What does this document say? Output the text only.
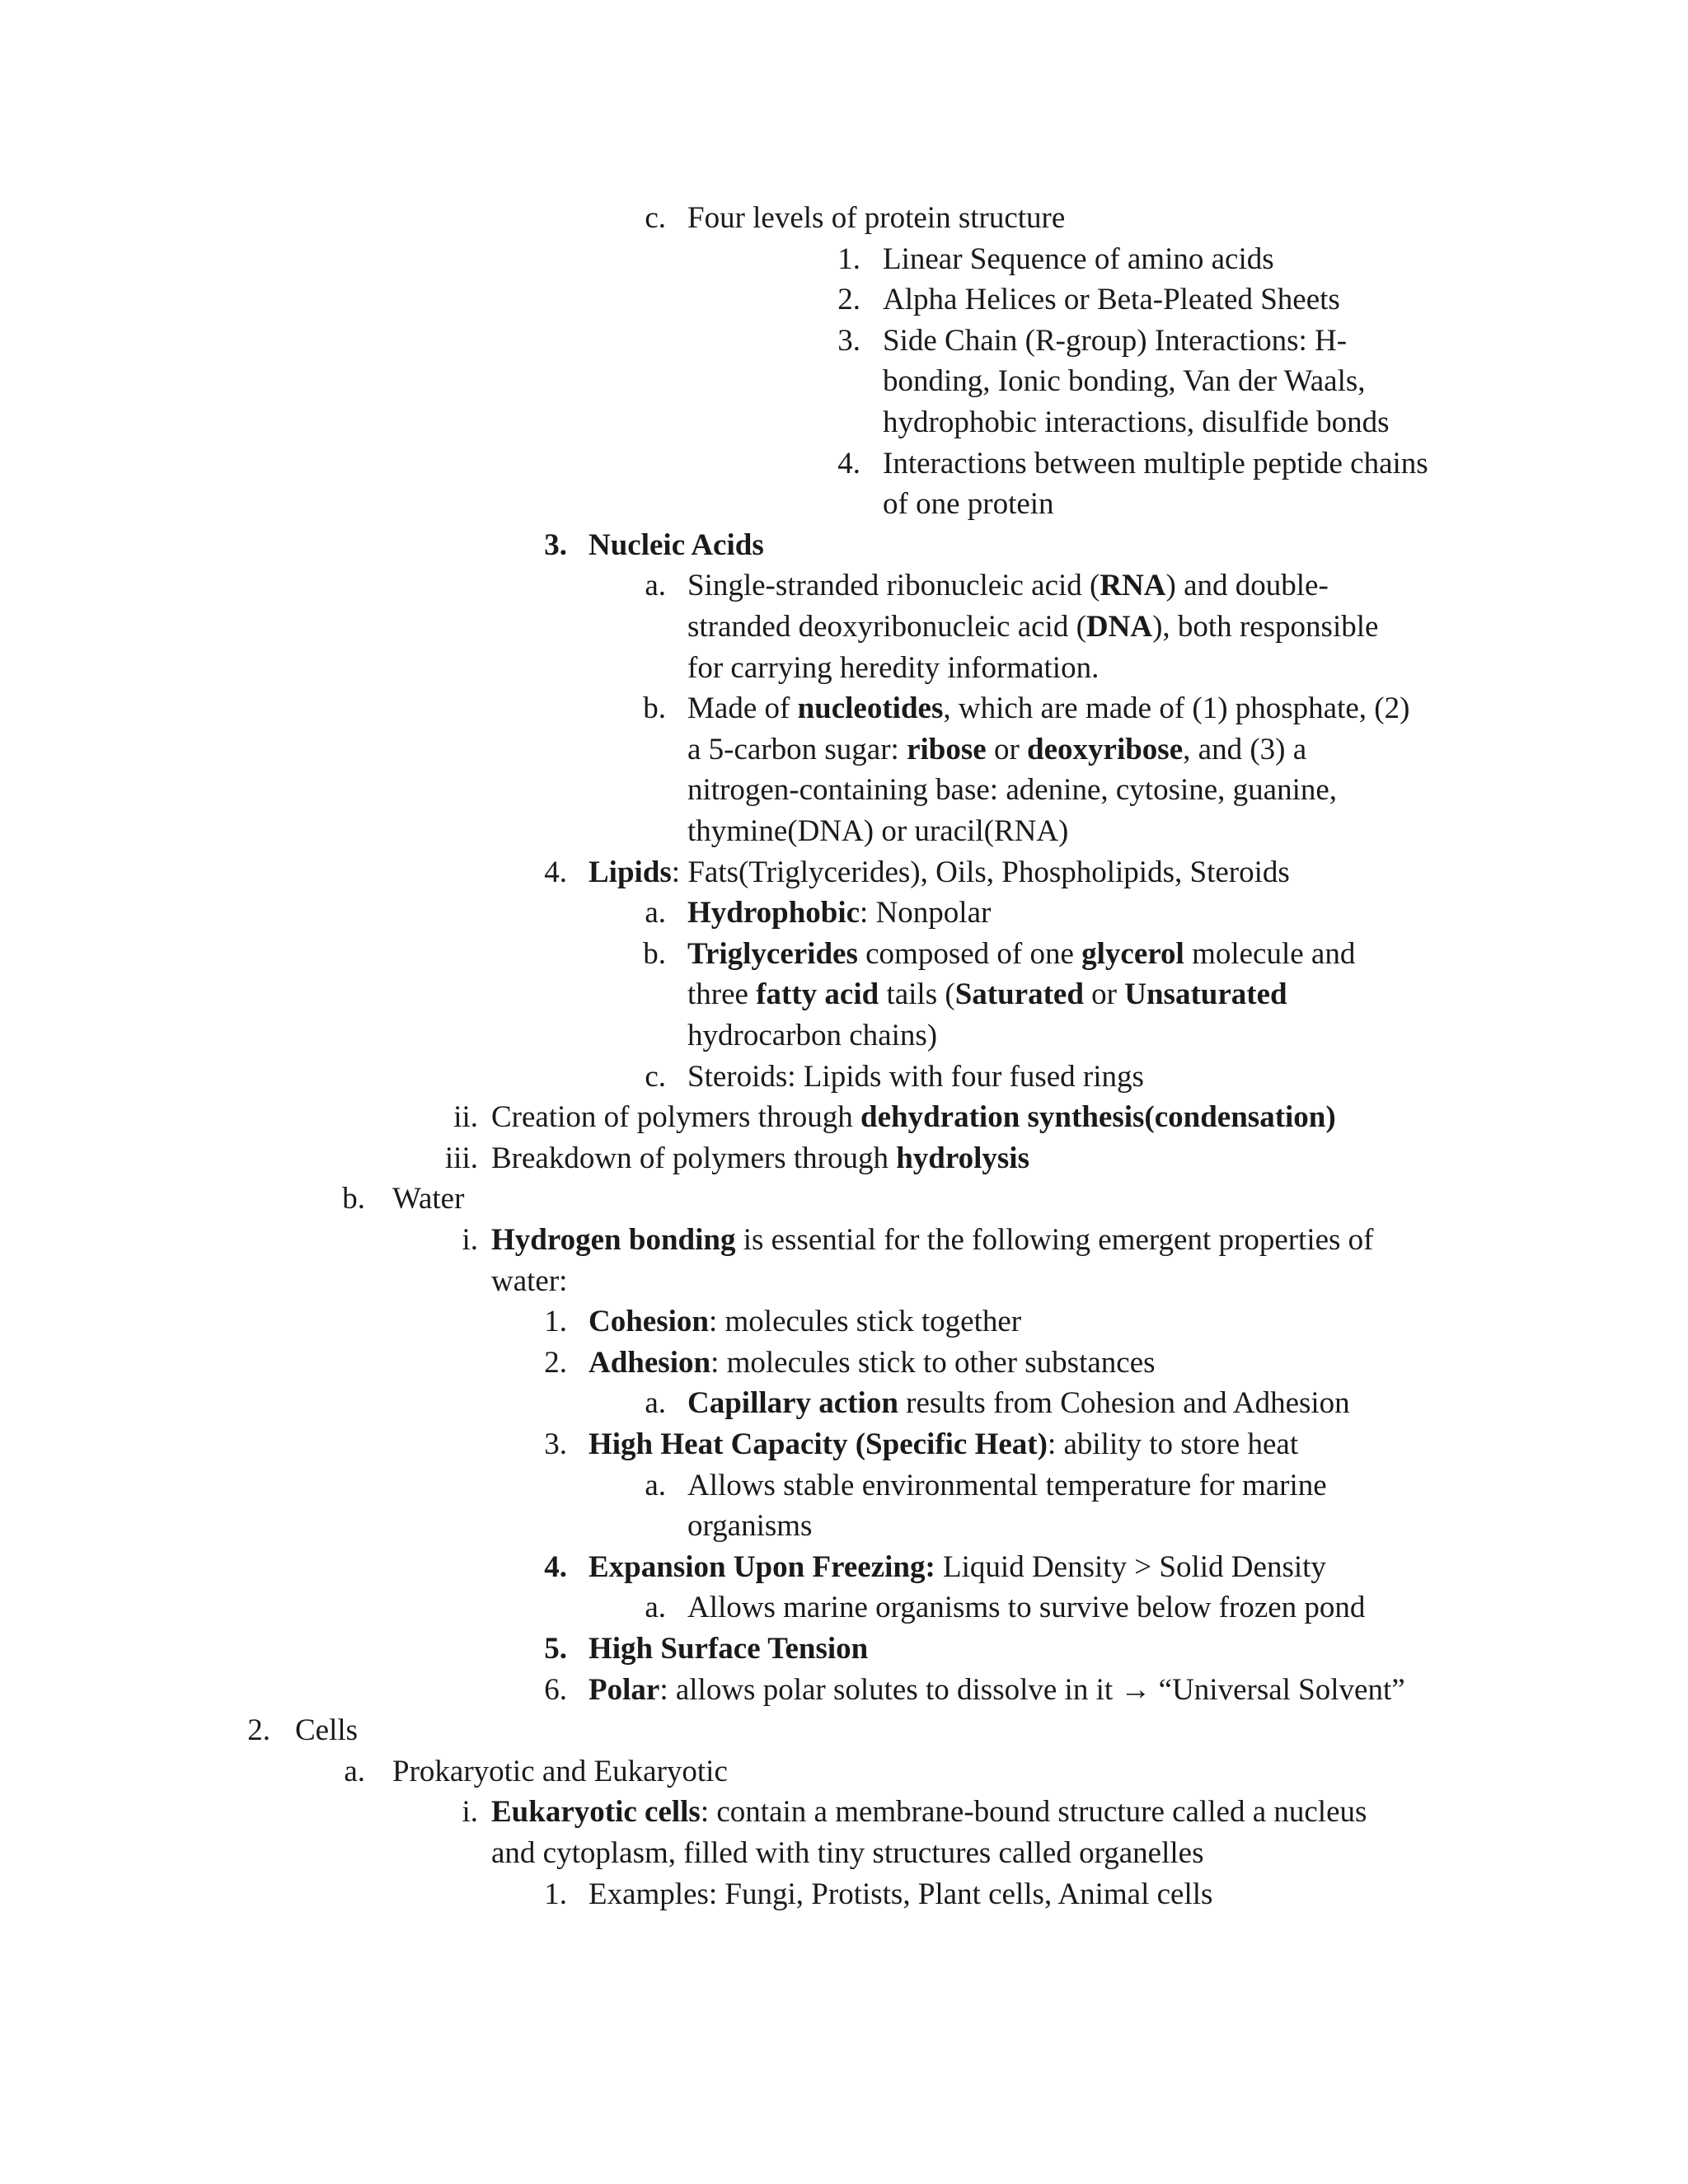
c. Four levels of protein structure
1. Linear Sequence of amino acids
2. Alpha Helices or Beta-Pleated Sheets
3. Side Chain (R-group) Interactions: H-
bonding, Ionic bonding, Van der Waals,
hydrophobic interactions, disulfide bonds
4. Interactions between multiple peptide chains
of one protein
3. Nucleic Acids
a. Single-stranded ribonucleic acid (RNA) and double-
stranded deoxyribonucleic acid (DNA), both responsible
for carrying heredity information.
b. Made of nucleotides, which are made of (1) phosphate, (2)
a 5-carbon sugar: ribose or deoxyribose, and (3) a
nitrogen-containing base: adenine, cytosine, guanine,
thymine(DNA) or uracil(RNA)
4. Lipids: Fats(Triglycerides), Oils, Phospholipids, Steroids
a. Hydrophobic: Nonpolar
b. Triglycerides composed of one glycerol molecule and
three fatty acid tails (Saturated or Unsaturated
hydrocarbon chains)
c. Steroids: Lipids with four fused rings
ii. Creation of polymers through dehydration synthesis(condensation)
iii. Breakdown of polymers through hydrolysis
b. Water
i. Hydrogen bonding is essential for the following emergent properties of
water:
1. Cohesion: molecules stick together
2. Adhesion: molecules stick to other substances
a. Capillary action results from Cohesion and Adhesion
3. High Heat Capacity (Specific Heat): ability to store heat
a. Allows stable environmental temperature for marine
organisms
4. Expansion Upon Freezing: Liquid Density > Solid Density
a. Allows marine organisms to survive below frozen pond
5. High Surface Tension
6. Polar: allows polar solutes to dissolve in it → “Universal Solvent”
2. Cells
a. Prokaryotic and Eukaryotic
i. Eukaryotic cells: contain a membrane-bound structure called a nucleus
and cytoplasm, filled with tiny structures called organelles
1. Examples: Fungi, Protists, Plant cells, Animal cells
